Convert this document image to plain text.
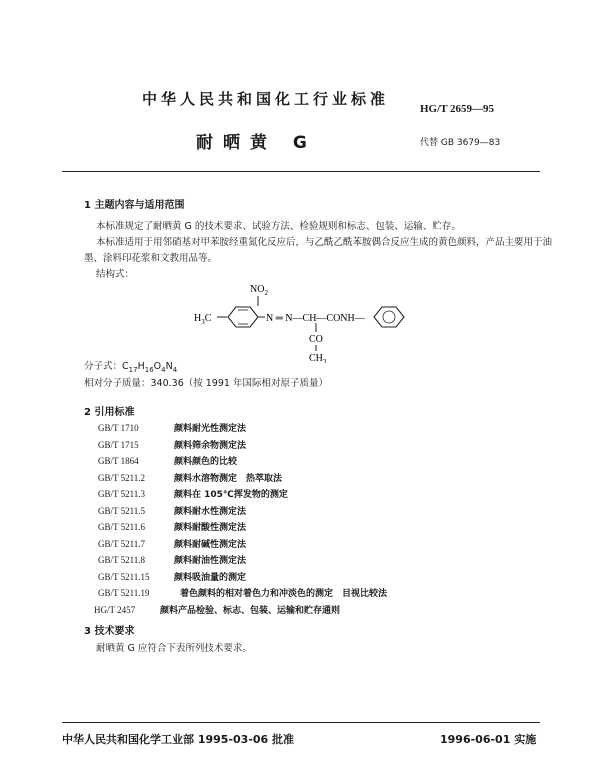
中华人民共和国化工行业标准
HG/T 2659—95
耐晒黄 G	代替 GB 3679—83
1 主题内容与适用范围

本标准规定了耐晒黄 G 的技术要求、试验方法、检验规则和标志、包装、运输、贮存。

本标准适用于用邻硝基对甲苯胺经重氮化反应后，与乙酰乙酰苯胺偶合反应生成的黄色颜料，产品主要用于油墨、涂料印花浆和文教用品等。

结构式：

$NO_2$
$H_3C$	N ═ N—CH—CONH—
CO
$CH_3$
分子式：$C_{17}H_{16}O_4N_4$
相对分子质量：340.36（按 1991 年国际相对原子质量）
2 引用标准
GB/T 1710	颜料耐光性测定法
GB/T 1715	颜料筛余物测定法
GB/T 1864	颜料颜色的比较
GB/T 5211.2	颜料水溶物测定　热萃取法
GB/T 5211.3	颜料在 105℃挥发物的测定
GB/T 5211.5	颜料耐水性测定法
GB/T 5211.6	颜料耐酸性测定法
GB/T 5211.7	颜料耐碱性测定法
GB/T 5211.8	颜料耐油性测定法
GB/T 5211.15	颜料吸油量的测定
GB/T 5211.19	着色颜料的相对着色力和冲淡色的测定　目视比较法
HG/T 2457	颜料产品检验、标志、包装、运输和贮存通则
3 技术要求
耐晒黄 G 应符合下表所列技术要求。
中华人民共和国化学工业部 1995-03-06 批准	1996-06-01 实施
